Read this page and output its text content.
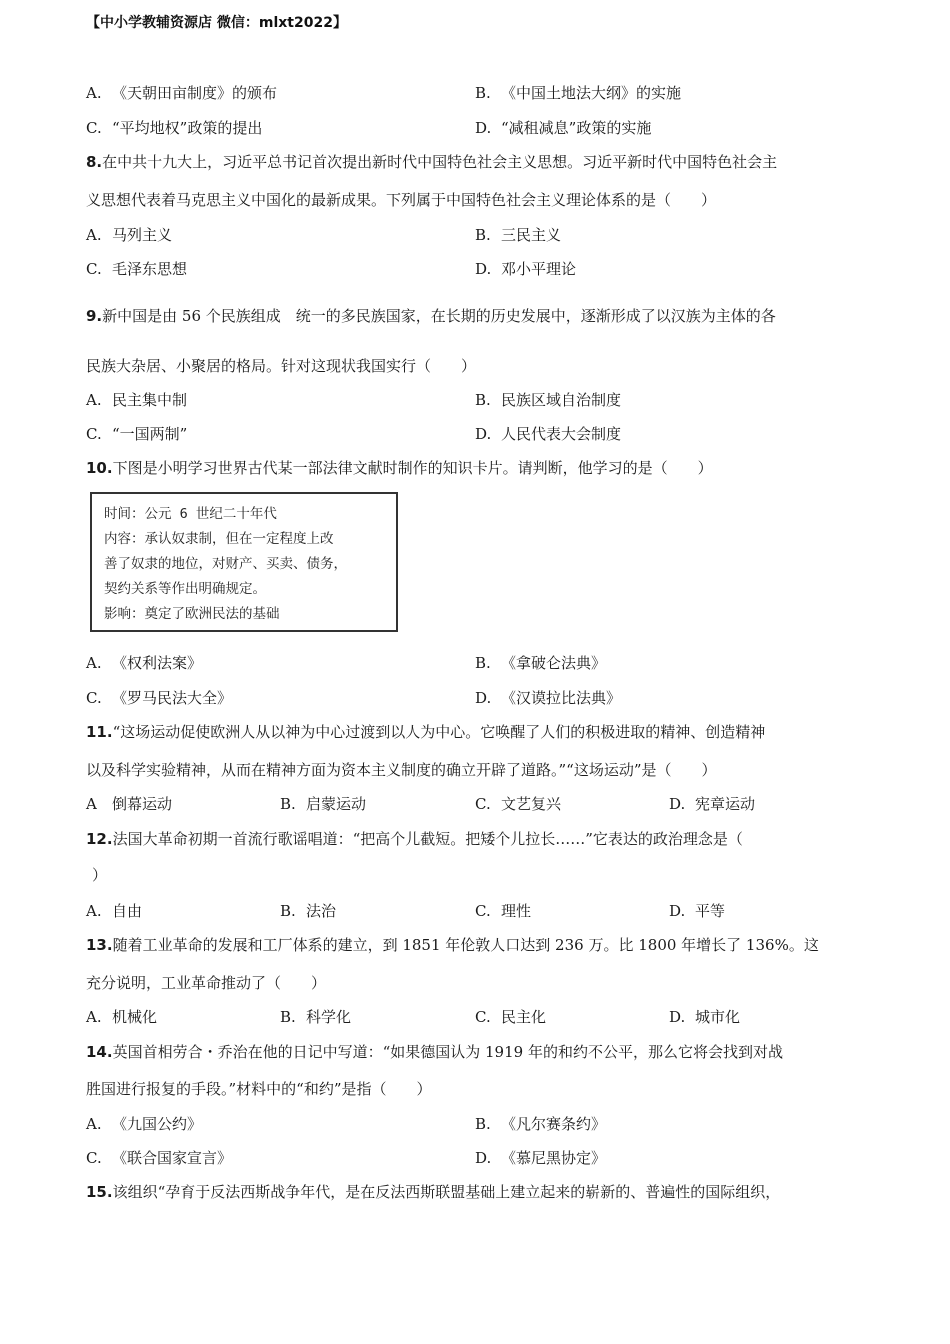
【中小学教辅资源店 微信：mlxt2022】
A. 《天朝田亩制度》的颁布	B. 《中国土地法大纲》的实施
C. “平均地权”政策的提出	D. “减租减息”政策的实施
8.在中共十九大上，习近平总书记首次提出新时代中国特色社会主义思想。习近平新时代中国特色社会主
义思想代表着马克思主义中国化的最新成果。下列属于中国特色社会主义理论体系的是（　　）
A. 马列主义	B. 三民主义
C. 毛泽东思想	D. 邓小平理论
9.新中国是由 56 个民族组成　统一的多民族国家，在长期的历史发展中，逐渐形成了以汉族为主体的各
民族大杂居、小聚居的格局。针对这现状我国实行（　　）
A. 民主集中制	B. 民族区域自治制度
C. “一国两制”	D. 人民代表大会制度
10.下图是小明学习世界古代某一部法律文献时制作的知识卡片。请判断，他学习的是（　　）
时间：公元 6 世纪二十年代
内容：承认奴隶制，但在一定程度上改
善了奴隶的地位，对财产、买卖、债务，
契约关系等作出明确规定。
影响：奠定了欧洲民法的基础
A. 《权利法案》	B. 《拿破仑法典》
C. 《罗马民法大全》	D. 《汉谟拉比法典》
11.“这场运动促使欧洲人从以神为中心过渡到以人为中心。它唤醒了人们的积极进取的精神、创造精神
以及科学实验精神，从而在精神方面为资本主义制度的确立开辟了道路。”“这场运动”是（　　）
A 倒幕运动	B. 启蒙运动	C. 文艺复兴	D. 宪章运动
12.法国大革命初期一首流行歌谣唱道：“把高个儿截短。把矮个儿拉长……”它表达的政治理念是（
）
A. 自由	B. 法治	C. 理性	D. 平等
13.随着工业革命的发展和工厂体系的建立，到 1851 年伦敦人口达到 236 万。比 1800 年增长了 136%。这
充分说明，工业革命推动了（　　）
A. 机械化	B. 科学化	C. 民主化	D. 城市化
14.英国首相劳合・乔治在他的日记中写道：“如果德国认为 1919 年的和约不公平，那么它将会找到对战
胜国进行报复的手段。”材料中的“和约”是指（　　）
A. 《九国公约》	B. 《凡尔赛条约》
C. 《联合国家宣言》	D. 《慕尼黑协定》
15.该组织“孕育于反法西斯战争年代，是在反法西斯联盟基础上建立起来的崭新的、普遍性的国际组织，
